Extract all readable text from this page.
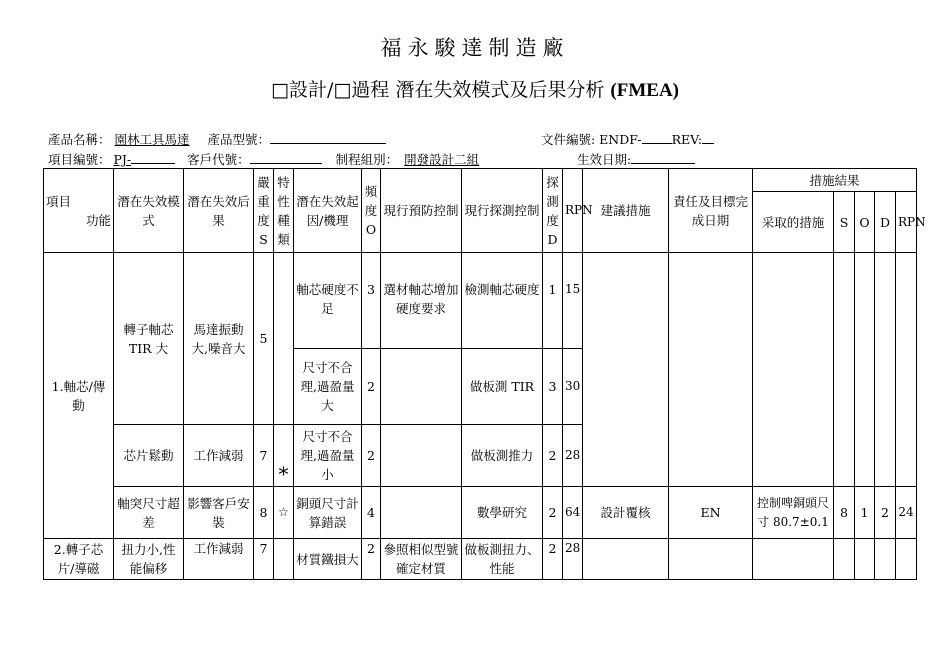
福永駿達制造廠
□設計/□過程 潛在失效模式及后果分析 (FMEA)
產品名稱： 園林工具馬達 產品型號：	文件編號: ENDF- REV:
項目編號： PJ-	客戶代號：	制程組別： 開發設計二組	生效日期:
項目
功能	潛在失效模式	潛在失效后果	嚴重度S	特性種類	潛在失效起因/機理	頻度O	現行預防控制	現行探測控制	探測度D	RPN	建議措施	責任及目標完成日期	措施結果				
													采取的措施	S	O	D	RPN
1.軸芯/傳動	轉子軸芯 TIR 大	馬達振動大,噪音大	5		軸芯硬度不足	3	選材軸芯增加硬度要求	檢測軸芯硬度	1	15							
					尺寸不合理,過盈量大	2		做板測 TIR	3	30							
	芯片鬆動	工作減弱	7	*	尺寸不合理,過盈量小	2		做板測推力	2	28							
	軸突尺寸超差	影響客戶安裝	8	☆	銅頭尺寸計算錯誤	4		數學研究	2	64	設計覆核	EN	控制啤銅頭尺寸 80.7±0.1	8	1	2	24
2.轉子芯片/導磁	扭力小,性能偏移	工作減弱	7		材質鐵損大	2	參照相似型號確定材質	做板測扭力、性能	2	28							
